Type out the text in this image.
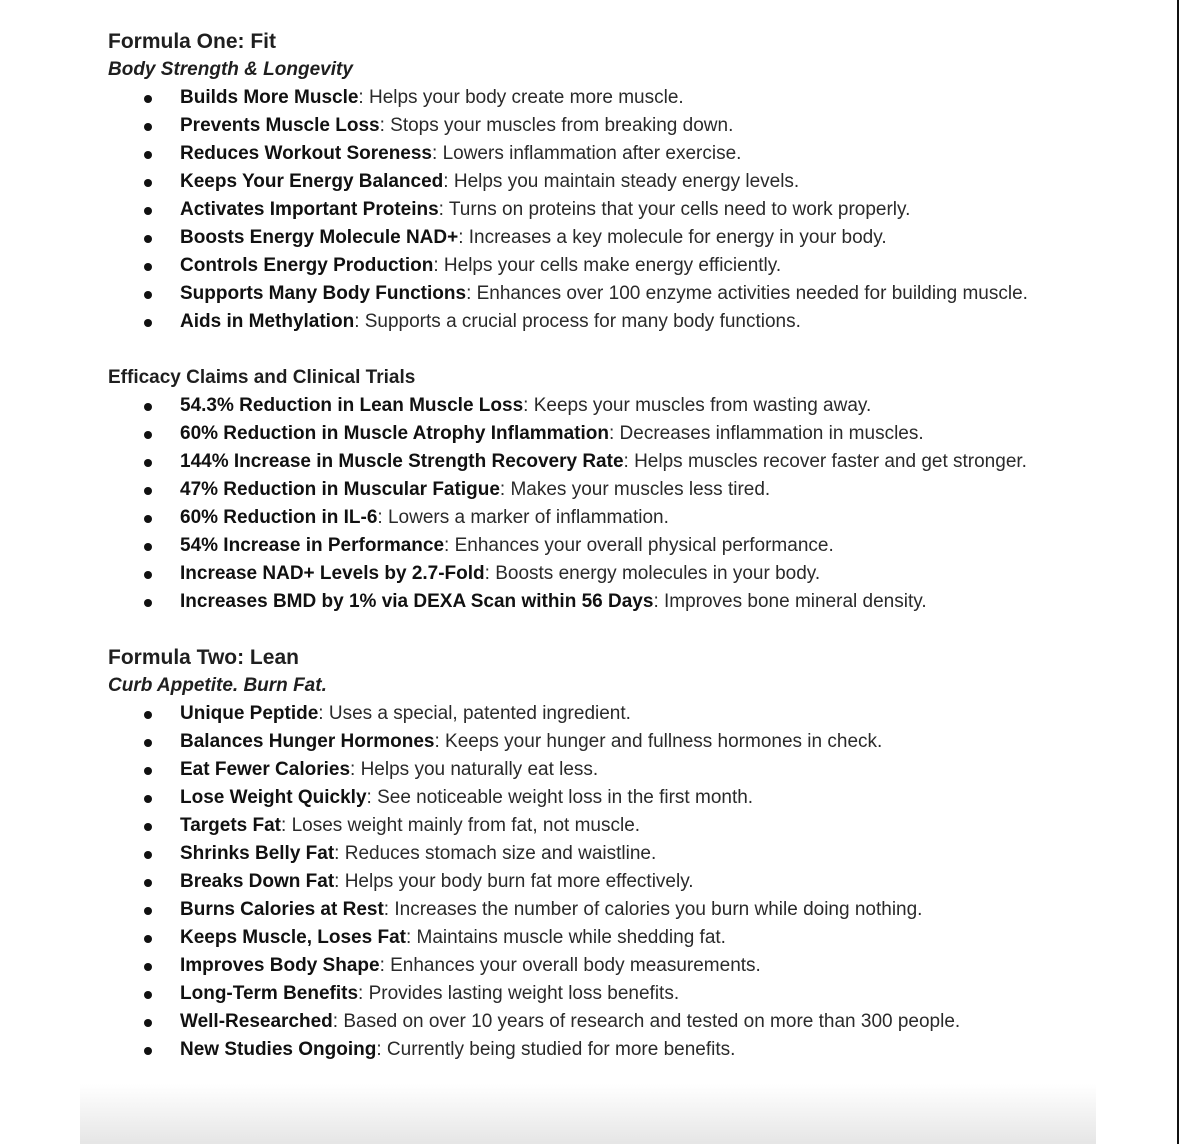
Formula One: Fit

Body Strength & Longevity

Builds More Muscle: Helps your body create more muscle.
Prevents Muscle Loss: Stops your muscles from breaking down.
Reduces Workout Soreness: Lowers inflammation after exercise.
Keeps Your Energy Balanced: Helps you maintain steady energy levels.
Activates Important Proteins: Turns on proteins that your cells need to work properly.
Boosts Energy Molecule NAD+: Increases a key molecule for energy in your body.
Controls Energy Production: Helps your cells make energy efficiently.
Supports Many Body Functions: Enhances over 100 enzyme activities needed for building muscle.
Aids in Methylation: Supports a crucial process for many body functions.
Efficacy Claims and Clinical Trials
54.3% Reduction in Lean Muscle Loss: Keeps your muscles from wasting away.
60% Reduction in Muscle Atrophy Inflammation: Decreases inflammation in muscles.
144% Increase in Muscle Strength Recovery Rate: Helps muscles recover faster and get stronger.
47% Reduction in Muscular Fatigue: Makes your muscles less tired.
60% Reduction in IL-6: Lowers a marker of inflammation.
54% Increase in Performance: Enhances your overall physical performance.
Increase NAD+ Levels by 2.7-Fold: Boosts energy molecules in your body.
Increases BMD by 1% via DEXA Scan within 56 Days: Improves bone mineral density.
Formula Two: Lean

Curb Appetite. Burn Fat.

Unique Peptide: Uses a special, patented ingredient.
Balances Hunger Hormones: Keeps your hunger and fullness hormones in check.
Eat Fewer Calories: Helps you naturally eat less.
Lose Weight Quickly: See noticeable weight loss in the first month.
Targets Fat: Loses weight mainly from fat, not muscle.
Shrinks Belly Fat: Reduces stomach size and waistline.
Breaks Down Fat: Helps your body burn fat more effectively.
Burns Calories at Rest: Increases the number of calories you burn while doing nothing.
Keeps Muscle, Loses Fat: Maintains muscle while shedding fat.
Improves Body Shape: Enhances your overall body measurements.
Long-Term Benefits: Provides lasting weight loss benefits.
Well-Researched: Based on over 10 years of research and tested on more than 300 people.
New Studies Ongoing: Currently being studied for more benefits.
